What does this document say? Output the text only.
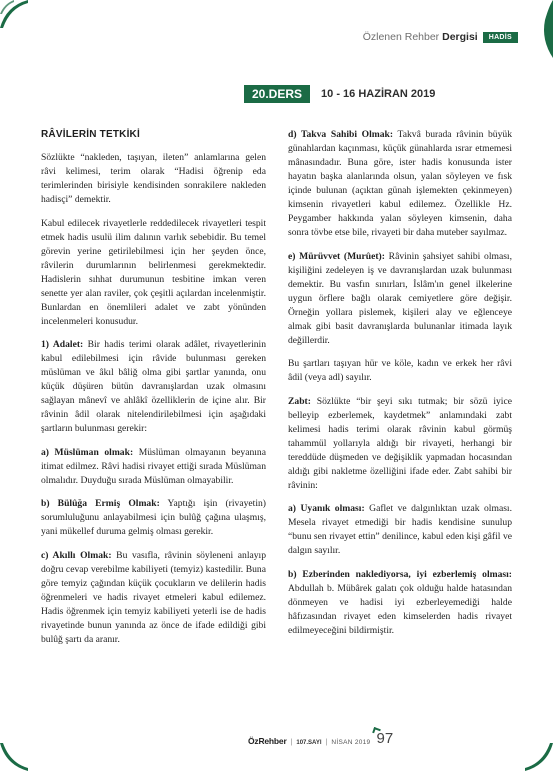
Özlenen Rehber Dergisi	HADİS
20.DERS	10 - 16 HAZİRAN 2019

RÂVİLERİN TETKİKİ

Sözlükte “nakleden, taşıyan, ileten” anlamlarına gelen râvi kelimesi, terim olarak “Hadisi öğrenip eda terimlerinden birisiyle kendisinden sonrakilere nakleden hadisçi” demektir.

Kabul edilecek rivayetlerle reddedilecek rivayetleri tespit etmek hadis usulü ilim dalının varlık sebebidir. Bu temel görevin yerine getirilebilmesi için her şeyden önce, râvilerin durumlarının belirlenmesi gerekmektedir. Hadislerin sıhhat durumunun tesbitine imkan veren senette yer alan raviler, çok çeşitli açılardan incelenmiştir. Bunlardan en önemlileri adalet ve zabt yönünden incelenmeleri konusudur.

1) Adalet: Bir hadis terimi olarak adâlet, rivayetlerinin kabul edilebilmesi için râvide bulunması gereken müslüman ve âkıl bâliğ olma gibi şartlar yanında, onu küçük düşüren bütün davranışlardan uzak olmasını sağlayan mânevî ve ahlâkî özelliklerin de içine alır. Bir râvinin âdil olarak nitelendirilebilmesi için aşağıdaki şartların bulunması gerekir:

a) Müslüman olmak: Müslüman olmayanın beyanına itimat edilmez. Râvi hadisi rivayet ettiği sırada Müslüman olmalıdır. Duyduğu sırada Müslüman olmayabilir.

b) Bülûğa Ermiş Olmak: Yaptığı işin (rivayetin) sorumluluğunu anlayabilmesi için bulûğ çağına ulaşmış, yani mükellef duruma gelmiş olması gerekir.

c) Akıllı Olmak: Bu vasıfla, râvinin söyleneni anlayıp doğru cevap verebilme kabiliyeti (temyiz) kastedilir. Buna göre temyiz çağından küçük çocukların ve delilerin hadis öğrenmeleri ve hadis rivayet etmeleri kabul edilemez. Hadis öğrenmek için temyiz kabiliyeti yeterli ise de hadis rivayetinde bunun yanında az önce de ifade edildiği gibi bulûğ şartı da aranır.

d) Takva Sahibi Olmak: Takvâ burada râvinin büyük günahlardan kaçınması, küçük günahlarda ısrar etmemesi mânasındadır. Buna göre, ister hadis konusunda ister hayatın başka alanlarında olsun, yalan söyleyen ve fısk içinde bulunan (açıktan günah işlemekten çekinmeyen) kimsenin rivayetleri kabul edilemez. Özellikle Hz. Peygamber hakkında yalan söyleyen kimsenin, daha sonra tövbe etse bile, rivayeti bir daha muteber sayılmaz.

e) Mürüvvet (Murûet): Râvinin şahsiyet sahibi olması, kişiliğini zedeleyen iş ve davranışlardan uzak bulunması demektir. Bu vasfın sınırları, İslâm'ın genel ilkelerine uygun örflere bağlı olarak cemiyetlere göre değişir. Örneğin yollara pislemek, kişileri alay ve eğlenceye almak gibi basit davranışlarda bulunanlar itimada layık değillerdir.

Bu şartları taşıyan hür ve köle, kadın ve erkek her râvi âdil (veya adl) sayılır.

Zabt: Sözlükte “bir şeyi sıkı tutmak; bir sözü iyice belleyip ezberlemek, kaydetmek” anlamındaki zabt kelimesi hadis terimi olarak râvinin kabul görmüş tahammül yollarıyla aldığı bir rivayeti, herhangi bir tereddüde düşmeden ve değişiklik yapmadan hocasından aldığı gibi nakletme özelliğini ifade eder. Zabt sahibi bir râvinin:

a) Uyanık olması: Gaflet ve dalgınlıktan uzak olması. Mesela rivayet etmediği bir hadis kendisine sunulup “bunu sen rivayet ettin” denilince, kabul eden kişi gâfil ve dalgın sayılır.

b) Ezberinden naklediyorsa, iyi ezberlemiş olması: Abdullah b. Mübârek galatı çok olduğu halde hatasından dönmeyen ve hadisi iyi ezberleyemediği halde hâfızasından rivayet eden kimselerden hadis rivayet edilmeyeceğini bildirmiştir.

ÖzRehber | 107.SAYI | NİSAN 2019 97
